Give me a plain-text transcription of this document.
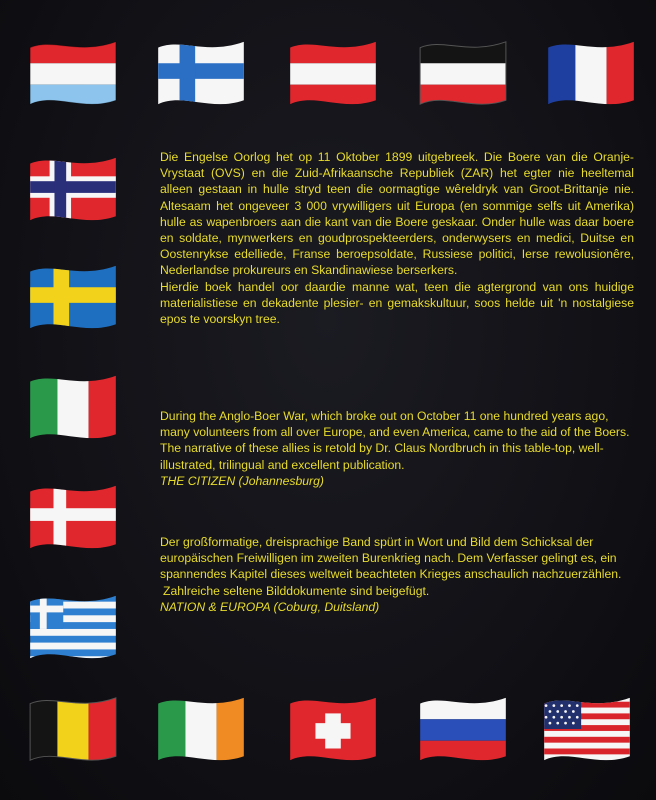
Die Engelse Oorlog het op 11 Oktober 1899 uitgebreek. Die Boere van die Oranje-Vrystaat (OVS) en die Zuid-Afrikaansche Republiek (ZAR) het egter nie heeltemal alleen gestaan in hulle stryd teen die oormagtige wêreldryk van Groot-Brittanje nie. Altesaam het ongeveer 3 000 vrywilligers uit Europa (en sommige selfs uit Amerika) hulle as wapenbroers aan die kant van die Boere geskaar. Onder hulle was daar boere en soldate, mynwerkers en goudprospekteerders, onderwysers en medici, Duitse en Oostenrykse edelliede, Franse beroepsoldate, Russiese politici, Ierse rewolusionêre, Nederlandse prokureurs en Skandinawiese berserkers.

Hierdie boek handel oor daardie manne wat, teen die agtergrond van ons huidige materialistiese en dekadente plesier- en gemakskultuur, soos helde uit 'n nostalgiese epos te voorskyn tree.

During the Anglo-Boer War, which broke out on October 11 one hundred years ago, many volunteers from all over Europe, and even America, came to the aid of the Boers.

The narrative of these allies is retold by Dr. Claus Nordbruch in this table-top, well-illustrated, trilingual and excellent publication.

THE CITIZEN (Johannesburg)

Der großformatige, dreisprachige Band spürt in Wort und Bild dem Schicksal der europäischen Freiwilligen im zweiten Burenkrieg nach. Dem Verfasser gelingt es, ein spannendes Kapitel dieses weltweit beachteten Krieges anschaulich nachzuerzählen.

Zahlreiche seltene Bilddokumente sind beigefügt.

NATION & EUROPA (Coburg, Duitsland)
